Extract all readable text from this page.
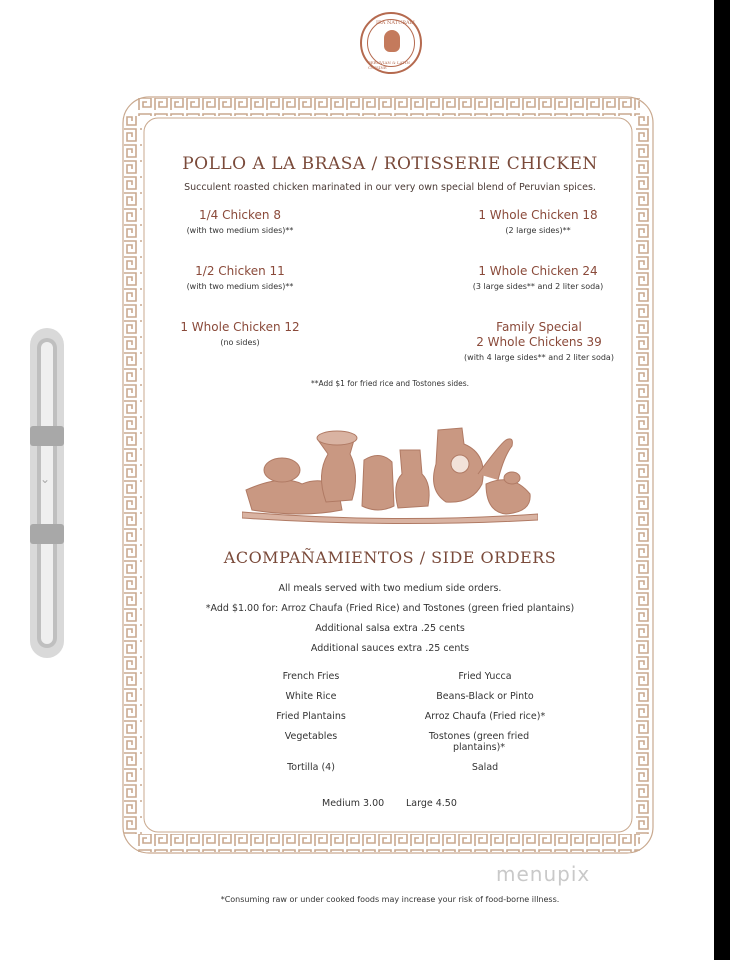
IRA NATURALI
PERUVIAN & LATIN CUISINE
POLLO A LA BRASA / ROTISSERIE CHICKEN
Succulent roasted chicken marinated in our very own special blend of Peruvian spices.
1/4 Chicken 8
(with two medium sides)**
1/2 Chicken 11
(with two medium sides)**
1 Whole Chicken 12
(no sides)
1 Whole Chicken 18
(2 large sides)**
1 Whole Chicken 24
(3 large sides** and 2 liter soda)
Family Special
2 Whole Chickens 39
(with 4 large sides** and 2 liter soda)
**Add $1 for fried rice and Tostones sides.
ACOMPAÑAMIENTOS / SIDE ORDERS
All meals served with two medium side orders.
*Add $1.00 for: Arroz Chaufa (Fried Rice) and Tostones (green fried plantains)
Additional salsa extra .25 cents
Additional sauces extra .25 cents
French Fries
White Rice
Fried Plantains
Vegetables
Tortilla (4)
Fried Yucca
Beans-Black or Pinto
Arroz Chaufa (Fried rice)*
Tostones (green fried plantains)*
Salad
Medium 3.00 Large 4.50
menupix
*Consuming raw or under cooked foods may increase your risk of food-borne illness.
⌄
